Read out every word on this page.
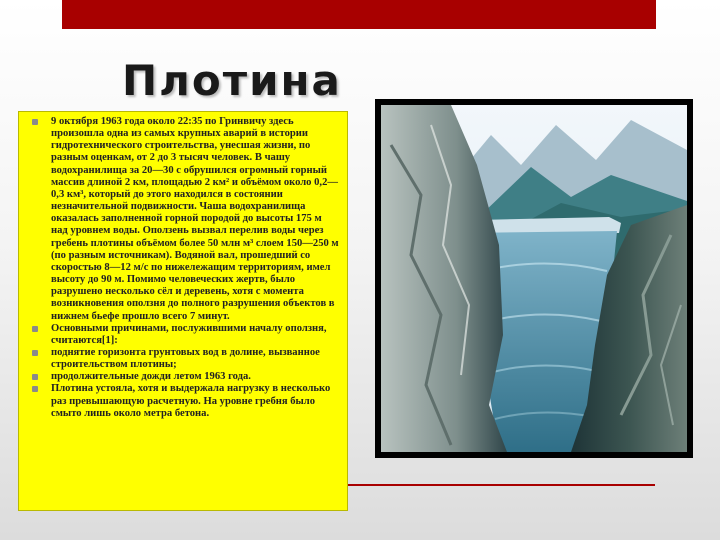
Плотина
9 октября 1963 года около 22:35 по Гринвичу здесь произошла одна из самых крупных аварий в истории гидротехнического строительства, унесшая жизни, по разным оценкам, от 2 до 3 тысяч человек. В чашу водохранилища за 20—30 с обрушился огромный горный массив длиной 2 км, площадью 2 км² и объёмом около 0,2—0,3 км³, который до этого находился в состоянии незначительной подвижности. Чаша водохранилища оказалась заполненной горной породой до высоты 175 м над уровнем воды. Оползень вызвал перелив воды через гребень плотины объёмом более 50 млн м³ слоем 150—250 м (по разным источникам). Водяной вал, прошедший со скоростью 8—12 м/с по нижележащим территориям, имел высоту до 90 м. Помимо человеческих жертв, было разрушено несколько сёл и деревень, хотя с момента возникновения оползня до полного разрушения объектов в нижнем бьефе прошло всего 7 минут.
Основными причинами, послужившими началу оползня, считаются[1]:
поднятие горизонта грунтовых вод в долине, вызванное строительством плотины;
продолжительные дожди летом 1963 года.
Плотина устояла, хотя и выдержала нагрузку в несколько раз превышающую расчетную. На уровне гребня было смыто лишь около метра бетона.
